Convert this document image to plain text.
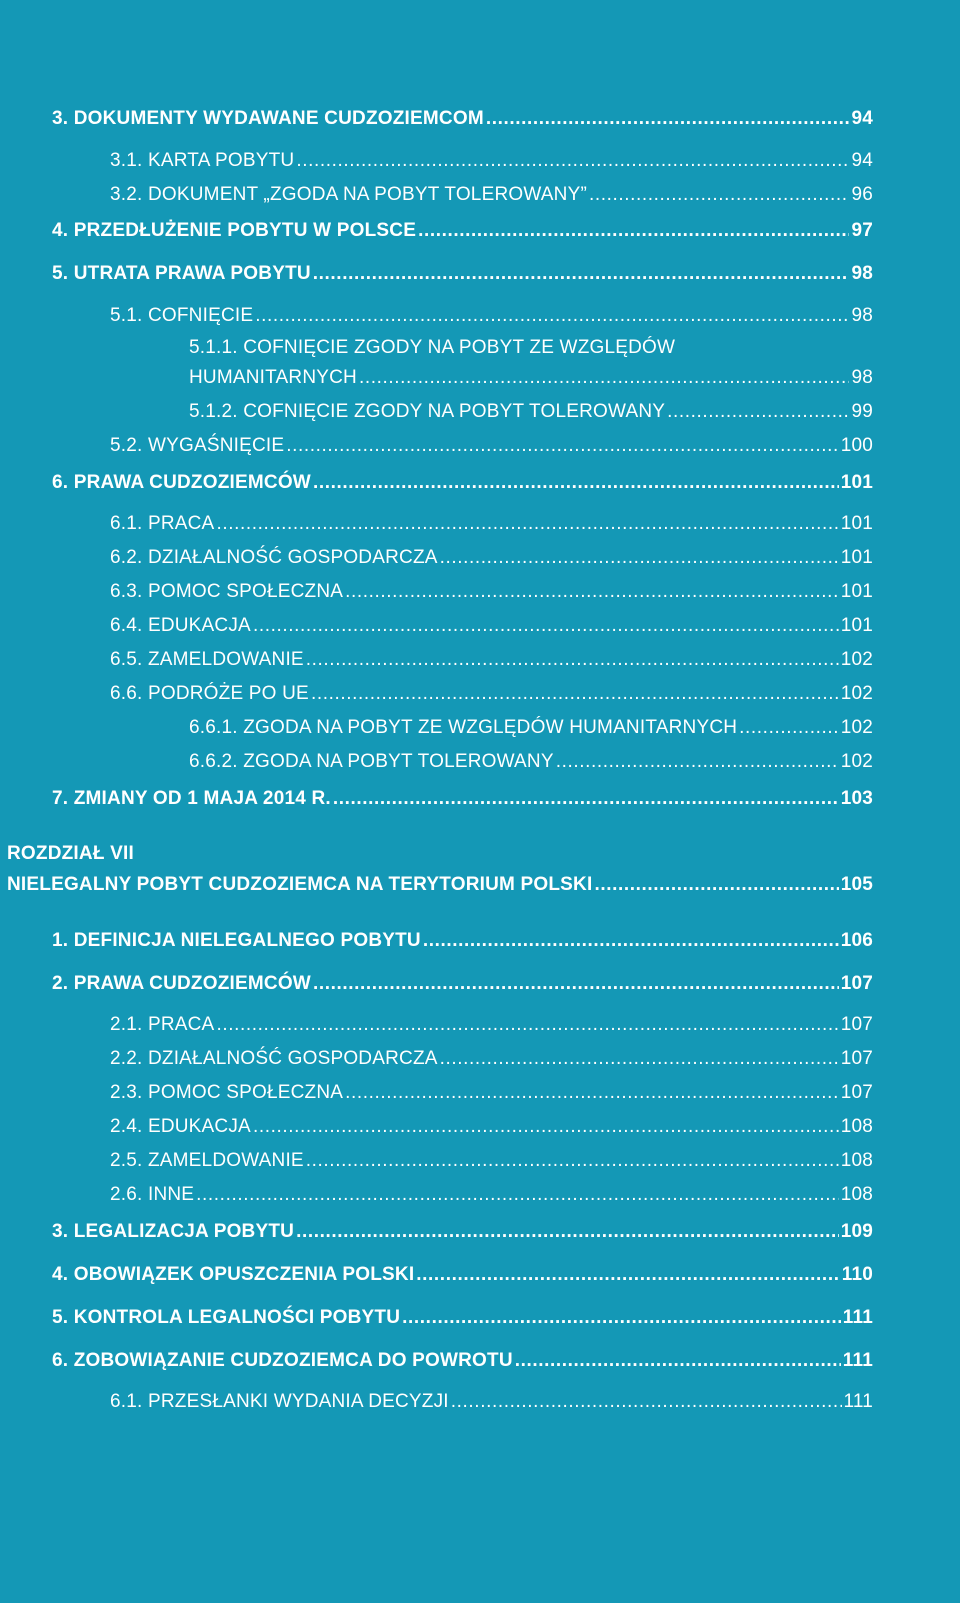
3. DOKUMENTY WYDAWANE CUDZOZIEMCOM .....	94
3.1. KARTA POBYTU .....	94
3.2. DOKUMENT „ZGODA NA POBYT TOLEROWANY” .....	96
4. PRZEDŁUŻENIE POBYTU W POLSCE .....	97
5. UTRATA PRAWA POBYTU .....	98
5.1. COFNIĘCIE .....	98
5.1.1. COFNIĘCIE ZGODY NA POBYT ZE WZGLĘDÓW
HUMANITARNYCH .....	98
5.1.2. COFNIĘCIE ZGODY NA POBYT TOLEROWANY .....	99
5.2. WYGAŚNIĘCIE .....	100
6. PRAWA CUDZOZIEMCÓW .....	101
6.1. PRACA .....	101
6.2. DZIAŁALNOŚĆ GOSPODARCZA .....	101
6.3. POMOC SPOŁECZNA .....	101
6.4. EDUKACJA .....	101
6.5. ZAMELDOWANIE .....	102
6.6. PODRÓŻE PO UE .....	102
6.6.1. ZGODA NA POBYT ZE WZGLĘDÓW HUMANITARNYCH .....	102
6.6.2. ZGODA NA POBYT TOLEROWANY .....	102
7. ZMIANY OD 1 MAJA 2014 R. .....	103
ROZDZIAŁ VII
NIELEGALNY POBYT CUDZOZIEMCA NA TERYTORIUM POLSKI .....	105
1. DEFINICJA NIELEGALNEGO POBYTU .....	106
2. PRAWA CUDZOZIEMCÓW .....	107
2.1. PRACA .....	107
2.2. DZIAŁALNOŚĆ GOSPODARCZA .....	107
2.3. POMOC SPOŁECZNA .....	107
2.4. EDUKACJA .....	108
2.5. ZAMELDOWANIE .....	108
2.6. INNE .....	108
3. LEGALIZACJA POBYTU .....	109
4. OBOWIĄZEK OPUSZCZENIA POLSKI .....	110
5. KONTROLA LEGALNOŚCI POBYTU .....	111
6. ZOBOWIĄZANIE CUDZOZIEMCA DO POWROTU .....	111
6.1. PRZESŁANKI WYDANIA DECYZJI .....	111
